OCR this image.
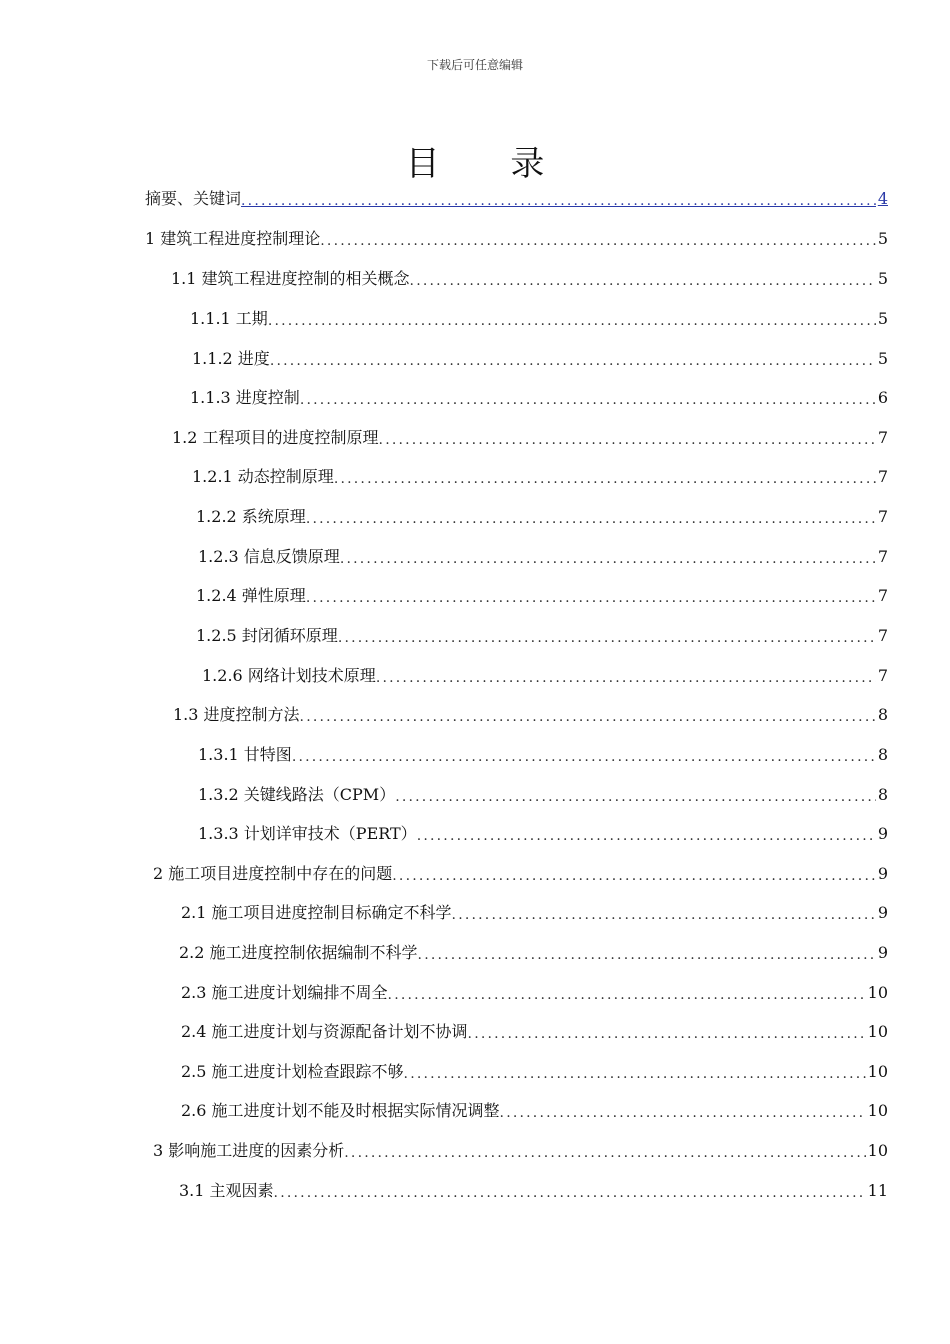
下载后可任意编辑
目 录
摘要、关键词 .....	4
1 建筑工程进度控制理论 .....	5
1.1 建筑工程进度控制的相关概念 .....	5
1.1.1 工期 .....	5
1.1.2 进度 .....	5
1.1.3 进度控制 .....	6
1.2 工程项目的进度控制原理 .....	7
1.2.1 动态控制原理 .....	7
1.2.2 系统原理 .....	7
1.2.3 信息反馈原理 .....	7
1.2.4 弹性原理 .....	7
1.2.5 封闭循环原理 .....	7
1.2.6 网络计划技术原理 .....	7
1.3 进度控制方法 .....	8
1.3.1 甘特图 .....	8
1.3.2 关键线路法（CPM） .....	8
1.3.3 计划详审技术（PERT） .....	9
2 施工项目进度控制中存在的问题 .....	9
2.1 施工项目进度控制目标确定不科学 .....	9
2.2 施工进度控制依据编制不科学 .....	9
2.3 施工进度计划编排不周全 .....	10
2.4 施工进度计划与资源配备计划不协调 .....	10
2.5 施工进度计划检查跟踪不够 .....	10
2.6 施工进度计划不能及时根据实际情况调整 .....	10
3 影响施工进度的因素分析 .....	10
3.1 主观因素 .....	11
